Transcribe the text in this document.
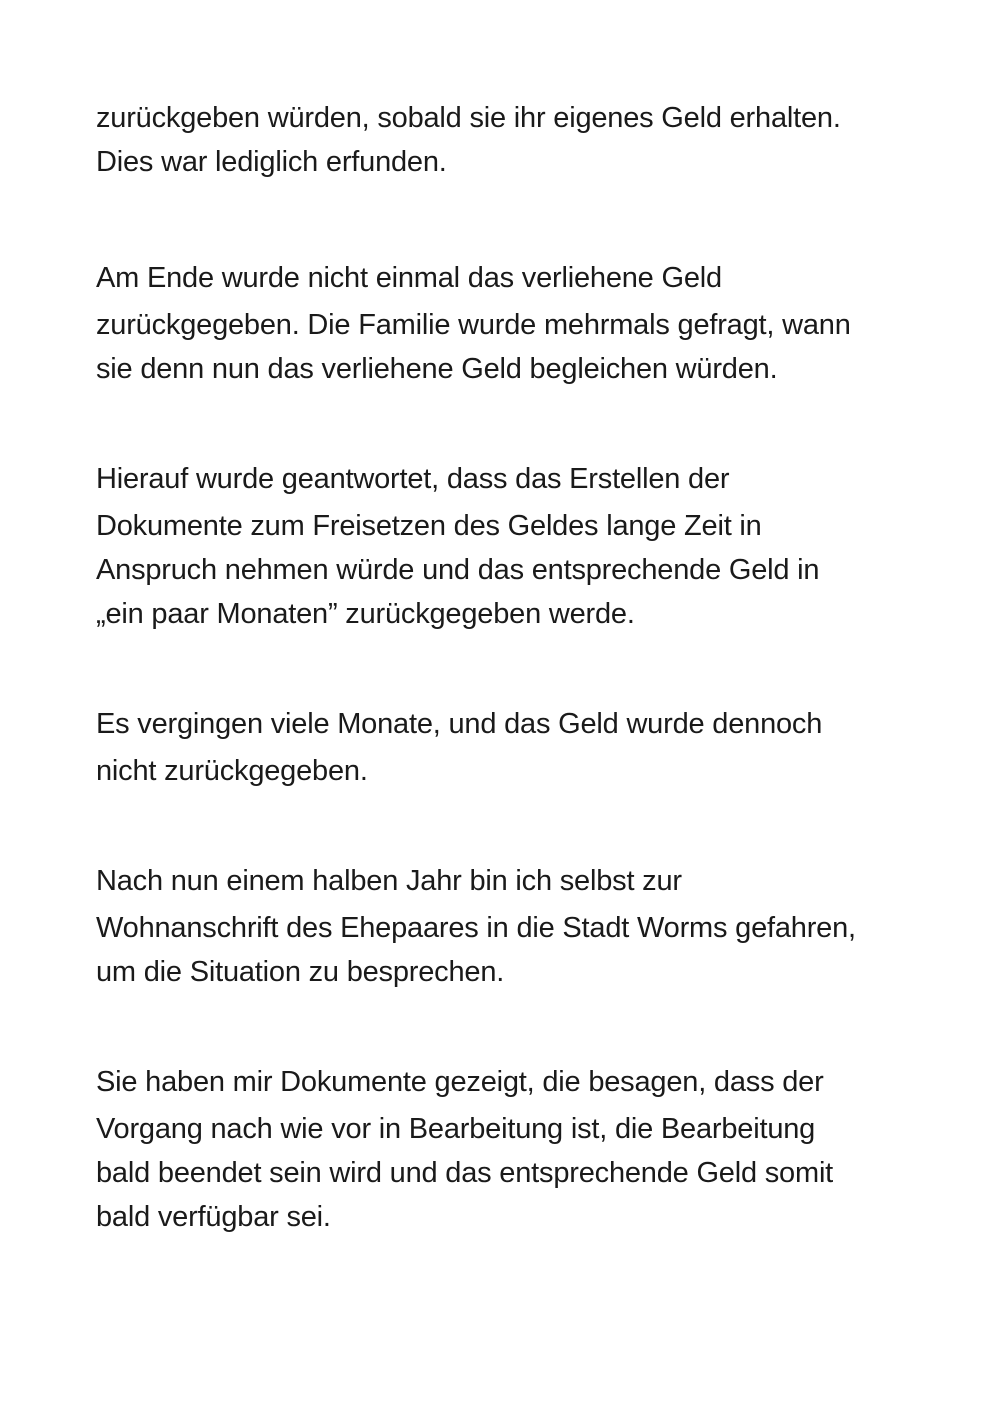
zurückgeben würden, sobald sie ihr eigenes Geld erhalten.
Dies war lediglich erfunden.

Am Ende wurde nicht einmal das verliehene Geld
zurückgegeben. Die Familie wurde mehrmals gefragt, wann
sie denn nun das verliehene Geld begleichen würden.

Hierauf wurde geantwortet, dass das Erstellen der
Dokumente zum Freisetzen des Geldes lange Zeit in
Anspruch nehmen würde und das entsprechende Geld in
„ein paar Monaten” zurückgegeben werde.

Es vergingen viele Monate, und das Geld wurde dennoch
nicht zurückgegeben.

Nach nun einem halben Jahr bin ich selbst zur
Wohnanschrift des Ehepaares in die Stadt Worms gefahren,
um die Situation zu besprechen.

Sie haben mir Dokumente gezeigt, die besagen, dass der
Vorgang nach wie vor in Bearbeitung ist, die Bearbeitung
bald beendet sein wird und das entsprechende Geld somit
bald verfügbar sei.
